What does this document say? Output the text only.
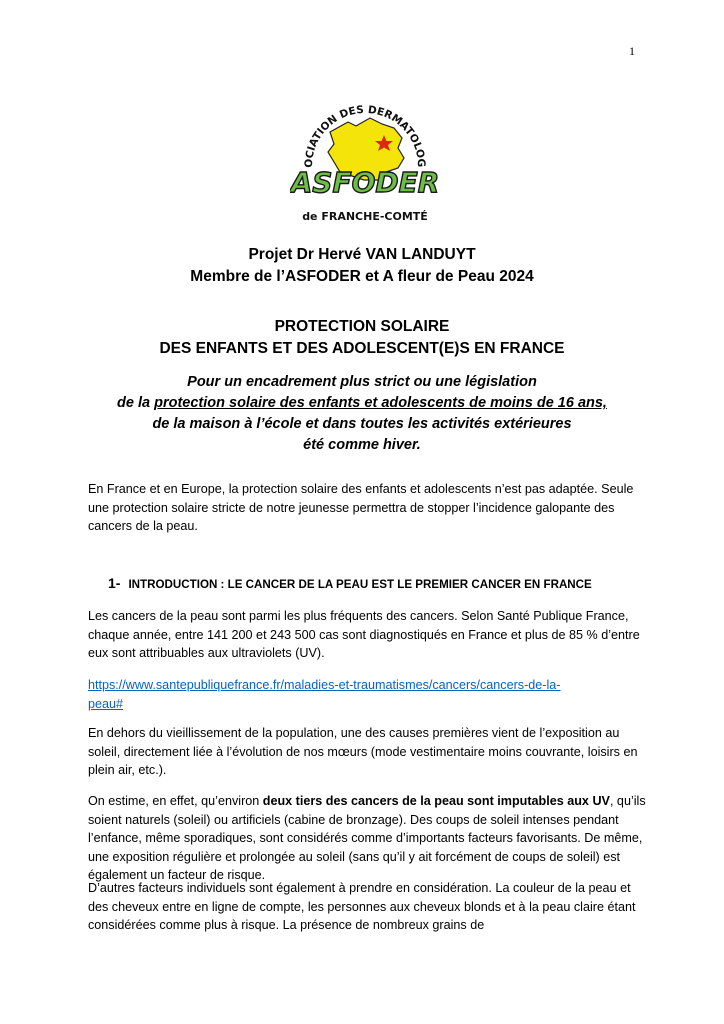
1
OCIATION DES DERMATOLOG
ASFODER
de FRANCHE-COMTÉ
Projet Dr Hervé VAN LANDUYT
Membre de l’ASFODER et A fleur de Peau 2024
PROTECTION SOLAIRE
DES ENFANTS ET DES ADOLESCENT(E)S EN FRANCE
Pour un encadrement plus strict ou une législation
de la protection solaire des enfants et adolescents de moins de 16 ans,
de la maison à l’école et dans toutes les activités extérieures
été comme hiver.
En France et en Europe, la protection solaire des enfants et adolescents n’est pas adaptée. Seule une protection solaire stricte de notre jeunesse permettra de stopper l’incidence galopante des cancers de la peau.
1- INTRODUCTION : LE CANCER DE LA PEAU EST LE PREMIER CANCER EN FRANCE
Les cancers de la peau sont parmi les plus fréquents des cancers. Selon Santé Publique France, chaque année, entre 141 200 et 243 500 cas sont diagnostiqués en France et plus de 85 % d’entre eux sont attribuables aux ultraviolets (UV).
https://www.santepubliquefrance.fr/maladies-et-traumatismes/cancers/cancers-de-la-
peau#
En dehors du vieillissement de la population, une des causes premières vient de l’exposition au soleil, directement liée à l’évolution de nos mœurs (mode vestimentaire moins couvrante, loisirs en plein air, etc.).
On estime, en effet, qu’environ deux tiers des cancers de la peau sont imputables aux UV, qu’ils soient naturels (soleil) ou artificiels (cabine de bronzage). Des coups de soleil intenses pendant l’enfance, même sporadiques, sont considérés comme d’importants facteurs favorisants. De même, une exposition régulière et prolongée au soleil (sans qu’il y ait forcément de coups de soleil) est également un facteur de risque.
D’autres facteurs individuels sont également à prendre en considération. La couleur de la peau et des cheveux entre en ligne de compte, les personnes aux cheveux blonds et à la peau claire étant considérées comme plus à risque. La présence de nombreux grains de
